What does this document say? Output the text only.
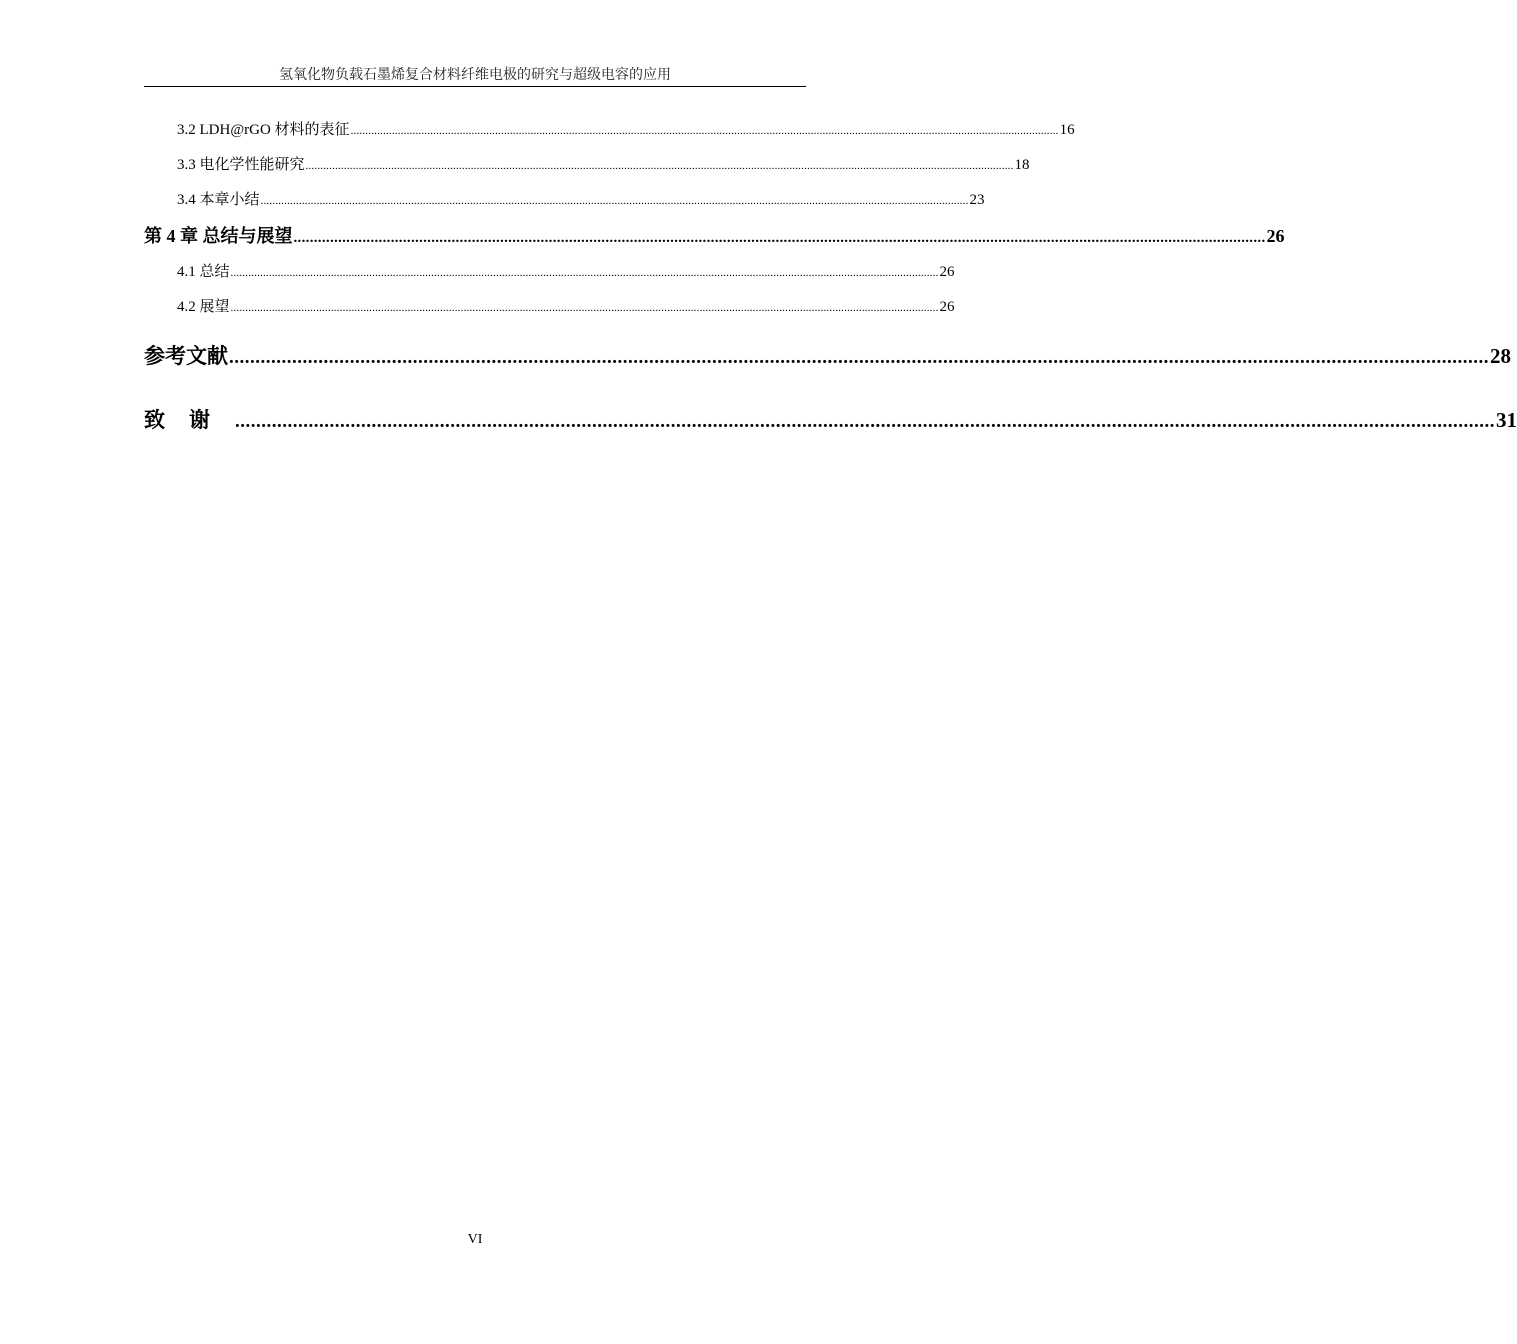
氢氧化物负载石墨烯复合材料纤维电极的研究与超级电容的应用
3.2 LDH@rGO 材料的表征 ................................................................................................................................................................................................................................................ 16
3.3 电化学性能研究 ................................................................................................................................................................................................................................................ 18
3.4 本章小结 ................................................................................................................................................................................................................................................ 23
第 4 章 总结与展望 ................................................................................................................................................................................................................................................ 26
4.1 总结 ................................................................................................................................................................................................................................................ 26
4.2 展望 ................................................................................................................................................................................................................................................ 26
参考文献 ................................................................................................................................................................................................................................................ 28
致谢 ................................................................................................................................................................................................................................................ 31
VI
